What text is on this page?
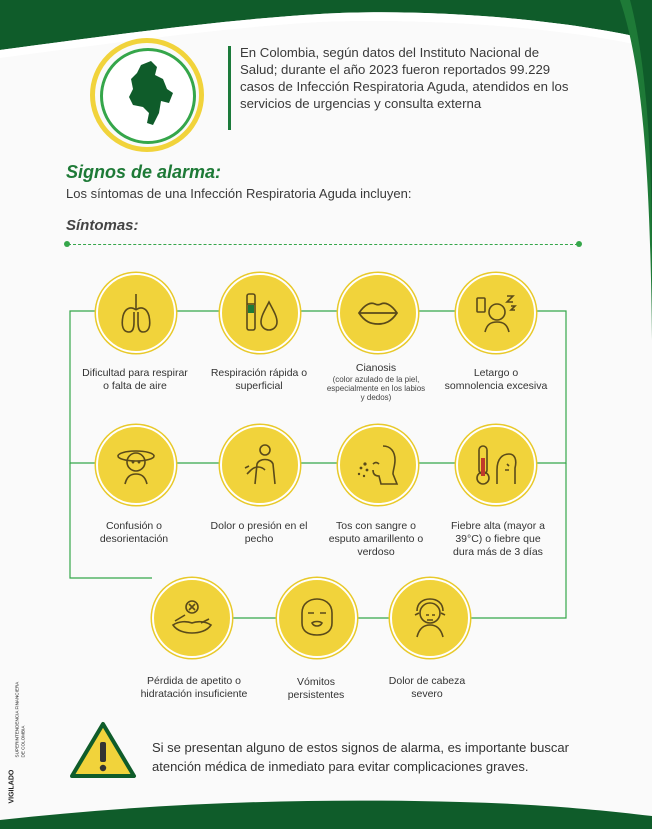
En Colombia, según datos del Instituto Nacional de Salud; durante el año 2023 fueron reportados 99.229 casos de Infección Respiratoria Aguda, atendidos en los servicios de urgencias y consulta externa
Signos de alarma:
Los síntomas de una Infección Respiratoria Aguda incluyen:
Síntomas:
Dificultad para respirar o falta de aire
Respiración rápida o superficial
Cianosis
(color azulado de la piel, especialmente en los labios y dedos)
Letargo o somnolencia excesiva
Confusión o desorientación
Dolor o presión en el pecho
Tos con sangre o esputo amarillento o verdoso
Fiebre alta (mayor a 39°C) o fiebre que dura más de 3 días
Pérdida de apetito o hidratación insuficiente
Vómitos persistentes
Dolor de cabeza severo
Si se presentan alguno de estos signos de alarma, es importante buscar atención médica de inmediato para evitar complicaciones graves.
VIGILADO
SUPERINTENDENCIA FINANCIERA
DE COLOMBIA
